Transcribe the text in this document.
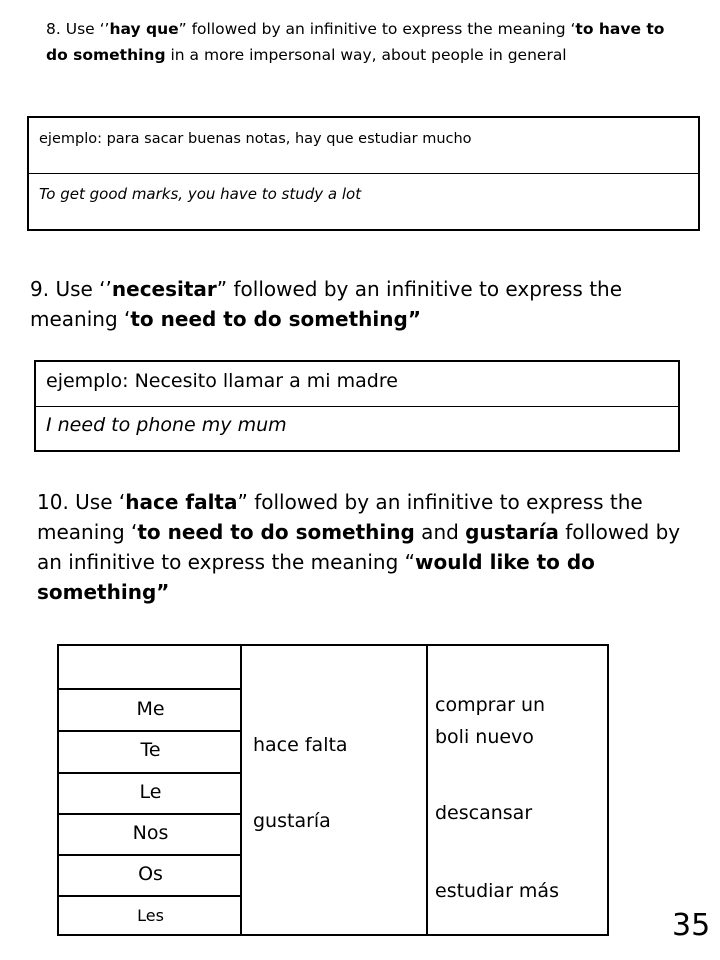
8. Use ‘’hay que” followed by an infinitive to express the meaning ‘to have to do something in a more impersonal way, about people in general

ejemplo: para sacar buenas notas, hay que estudiar mucho
To get good marks, you have to study a lot

9. Use ‘’necesitar” followed by an infinitive to express the meaning ‘to need to do something”

ejemplo: Necesito llamar a mi madre
I need to phone my mum

10. Use ‘hace falta” followed by an infinitive to express the meaning ‘to need to do something and gustaría followed by an infinitive to express the meaning “would like to do something”

Me
Te
Le
Nos
Os
Les
hace falta
gustaría
comprar un
boli nuevo
descansar
estudiar más
35
